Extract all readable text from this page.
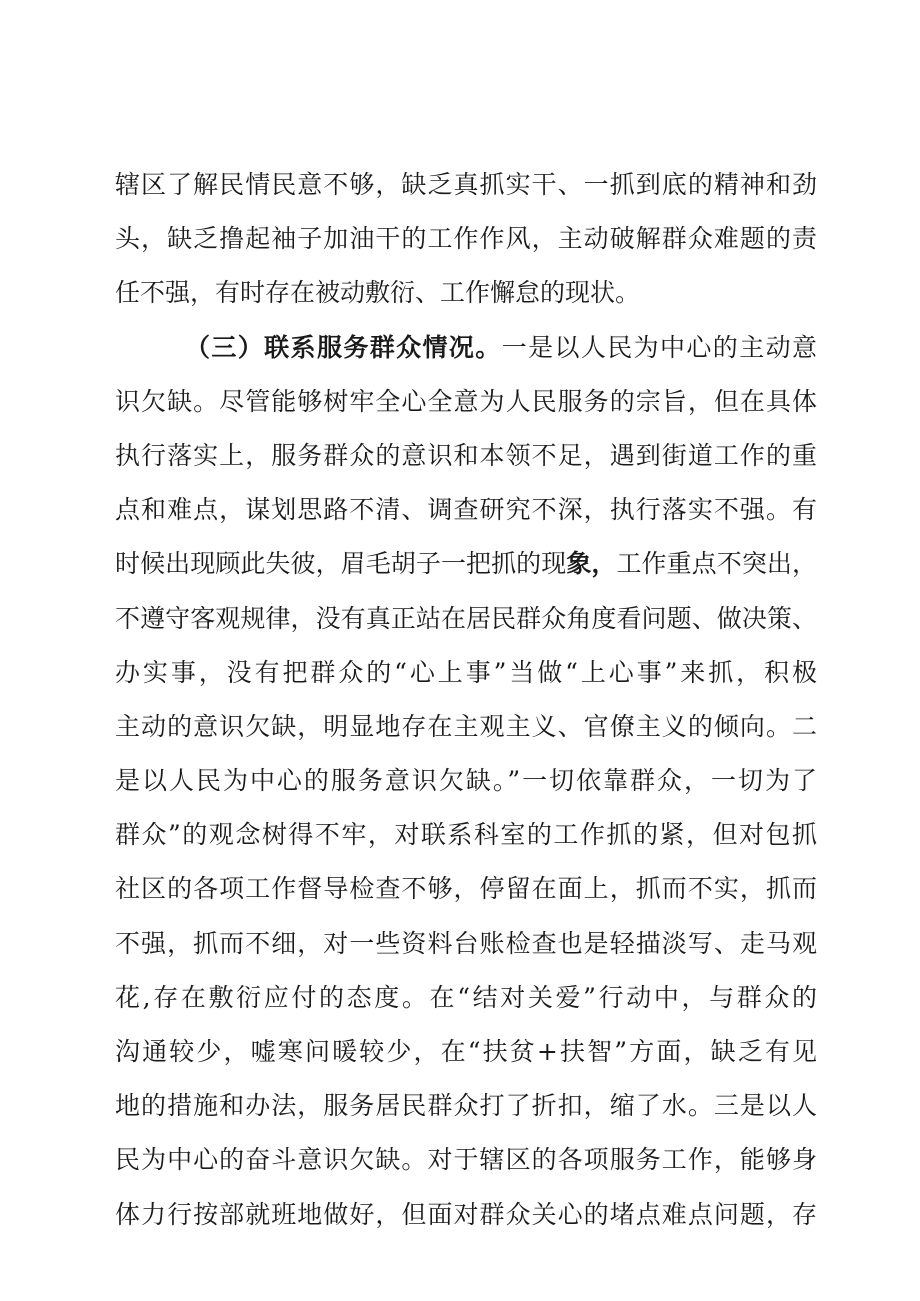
辖区了解民情民意不够，缺乏真抓实干、一抓到底的精神和劲
头，缺乏撸起袖子加油干的工作作风，主动破解群众难题的责
任不强，有时存在被动敷衍、工作懈怠的现状。
（三）联系服务群众情况。一是以人民为中心的主动意
识欠缺。尽管能够树牢全心全意为人民服务的宗旨，但在具体
执行落实上，服务群众的意识和本领不足，遇到街道工作的重
点和难点，谋划思路不清、调查研究不深，执行落实不强。有
时候出现顾此失彼，眉毛胡子一把抓的现象，工作重点不突出，
不遵守客观规律，没有真正站在居民群众角度看问题、做决策、
办实事，没有把群众的“心上事”当做“上心事”来抓，积极
主动的意识欠缺，明显地存在主观主义、官僚主义的倾向。二
是以人民为中心的服务意识欠缺。”一切依靠群众，一切为了
群众”的观念树得不牢，对联系科室的工作抓的紧，但对包抓
社区的各项工作督导检查不够，停留在面上，抓而不实，抓而
不强，抓而不细，对一些资料台账检查也是轻描淡写、走马观
花,存在敷衍应付的态度。在“结对关爱”行动中，与群众的
沟通较少，嘘寒问暖较少，在“扶贫+扶智”方面，缺乏有见
地的措施和办法，服务居民群众打了折扣，缩了水。三是以人
民为中心的奋斗意识欠缺。对于辖区的各项服务工作，能够身
体力行按部就班地做好，但面对群众关心的堵点难点问题，存
